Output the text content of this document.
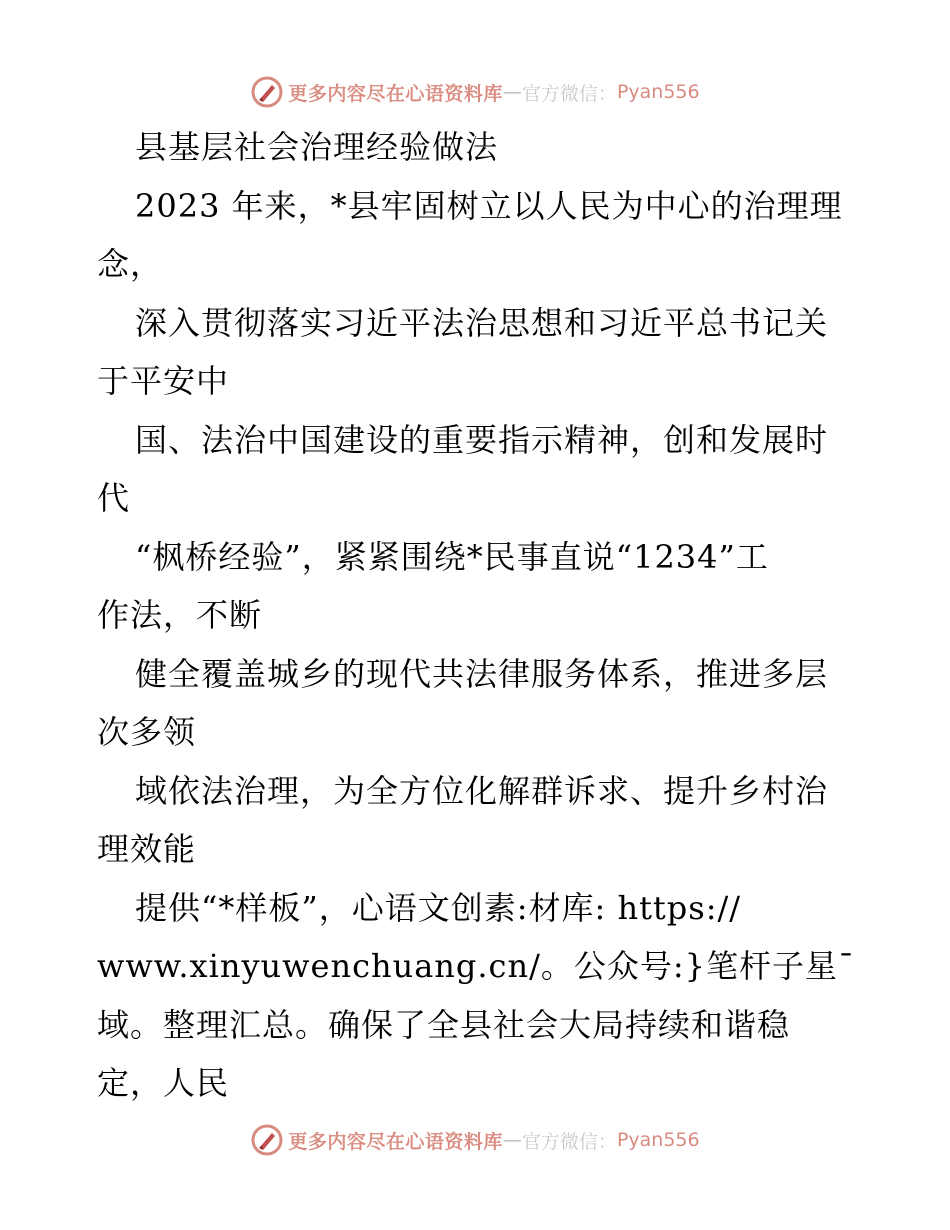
更多内容尽在心语资料库 — 官方微信： Pyan556
县基层社会治理经验做法
2023 年来，*县牢固树立以人民为中心的治理理
念，
深入贯彻落实习近平法治思想和习近平总书记关
于平安中
国、法治中国建设的重要指示精神，创和发展时
代
“枫桥经验”，紧紧围绕*民事直说“1234”工
作法，不断
健全覆盖城乡的现代共法律服务体系，推进多层
次多领
域依法治理，为全方位化解群诉求、提升乡村治
理效能
提供“*样板”，心语文创素:材库: https://
www.xinyuwenchuang.cn/。公众号:}笔杆子星¯
域。整理汇总。确保了全县社会大局持续和谐稳
定，人民
更多内容尽在心语资料库 — 官方微信： Pyan556
